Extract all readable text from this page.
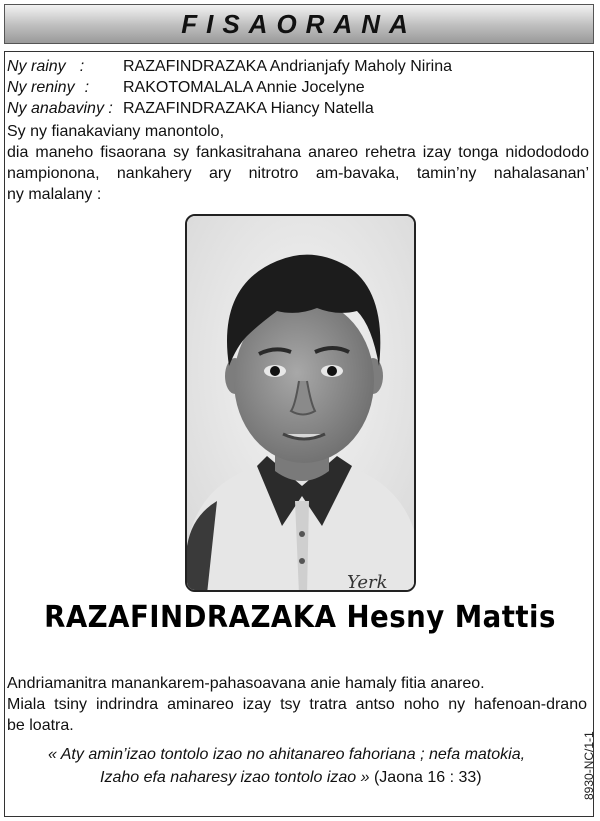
FISAORANA
Ny rainy :	RAZAFINDRAZAKA Andrianjafy Maholy Nirina
Ny reniny :	RAKOTOMALALA Annie Jocelyne
Ny anabaviny : RAZAFINDRAZAKA Hiancy Natella
Sy ny fianakaviany manontolo,
dia maneho fisaorana sy fankasitrahana anareo rehetra izay tonga nidodododo
nampionona, nankahery ary nitrotro am-bavaka, tamin’ny nahalasanan’
ny malalany :
Yerk
RAZAFINDRAZAKA Hesny Mattis
Andriamanitra manankarem-pahasoavana anie hamaly fitia anareo.
Miala tsiny indrindra aminareo izay tsy tratra antso noho ny hafenoan-drano
be loatra.
« Aty amin’izao tontolo izao no ahitanareo fahoriana ; nefa matokia,
Izaho efa naharesy izao tontolo izao » (Jaona 16 : 33)	8930-NC/1-1
